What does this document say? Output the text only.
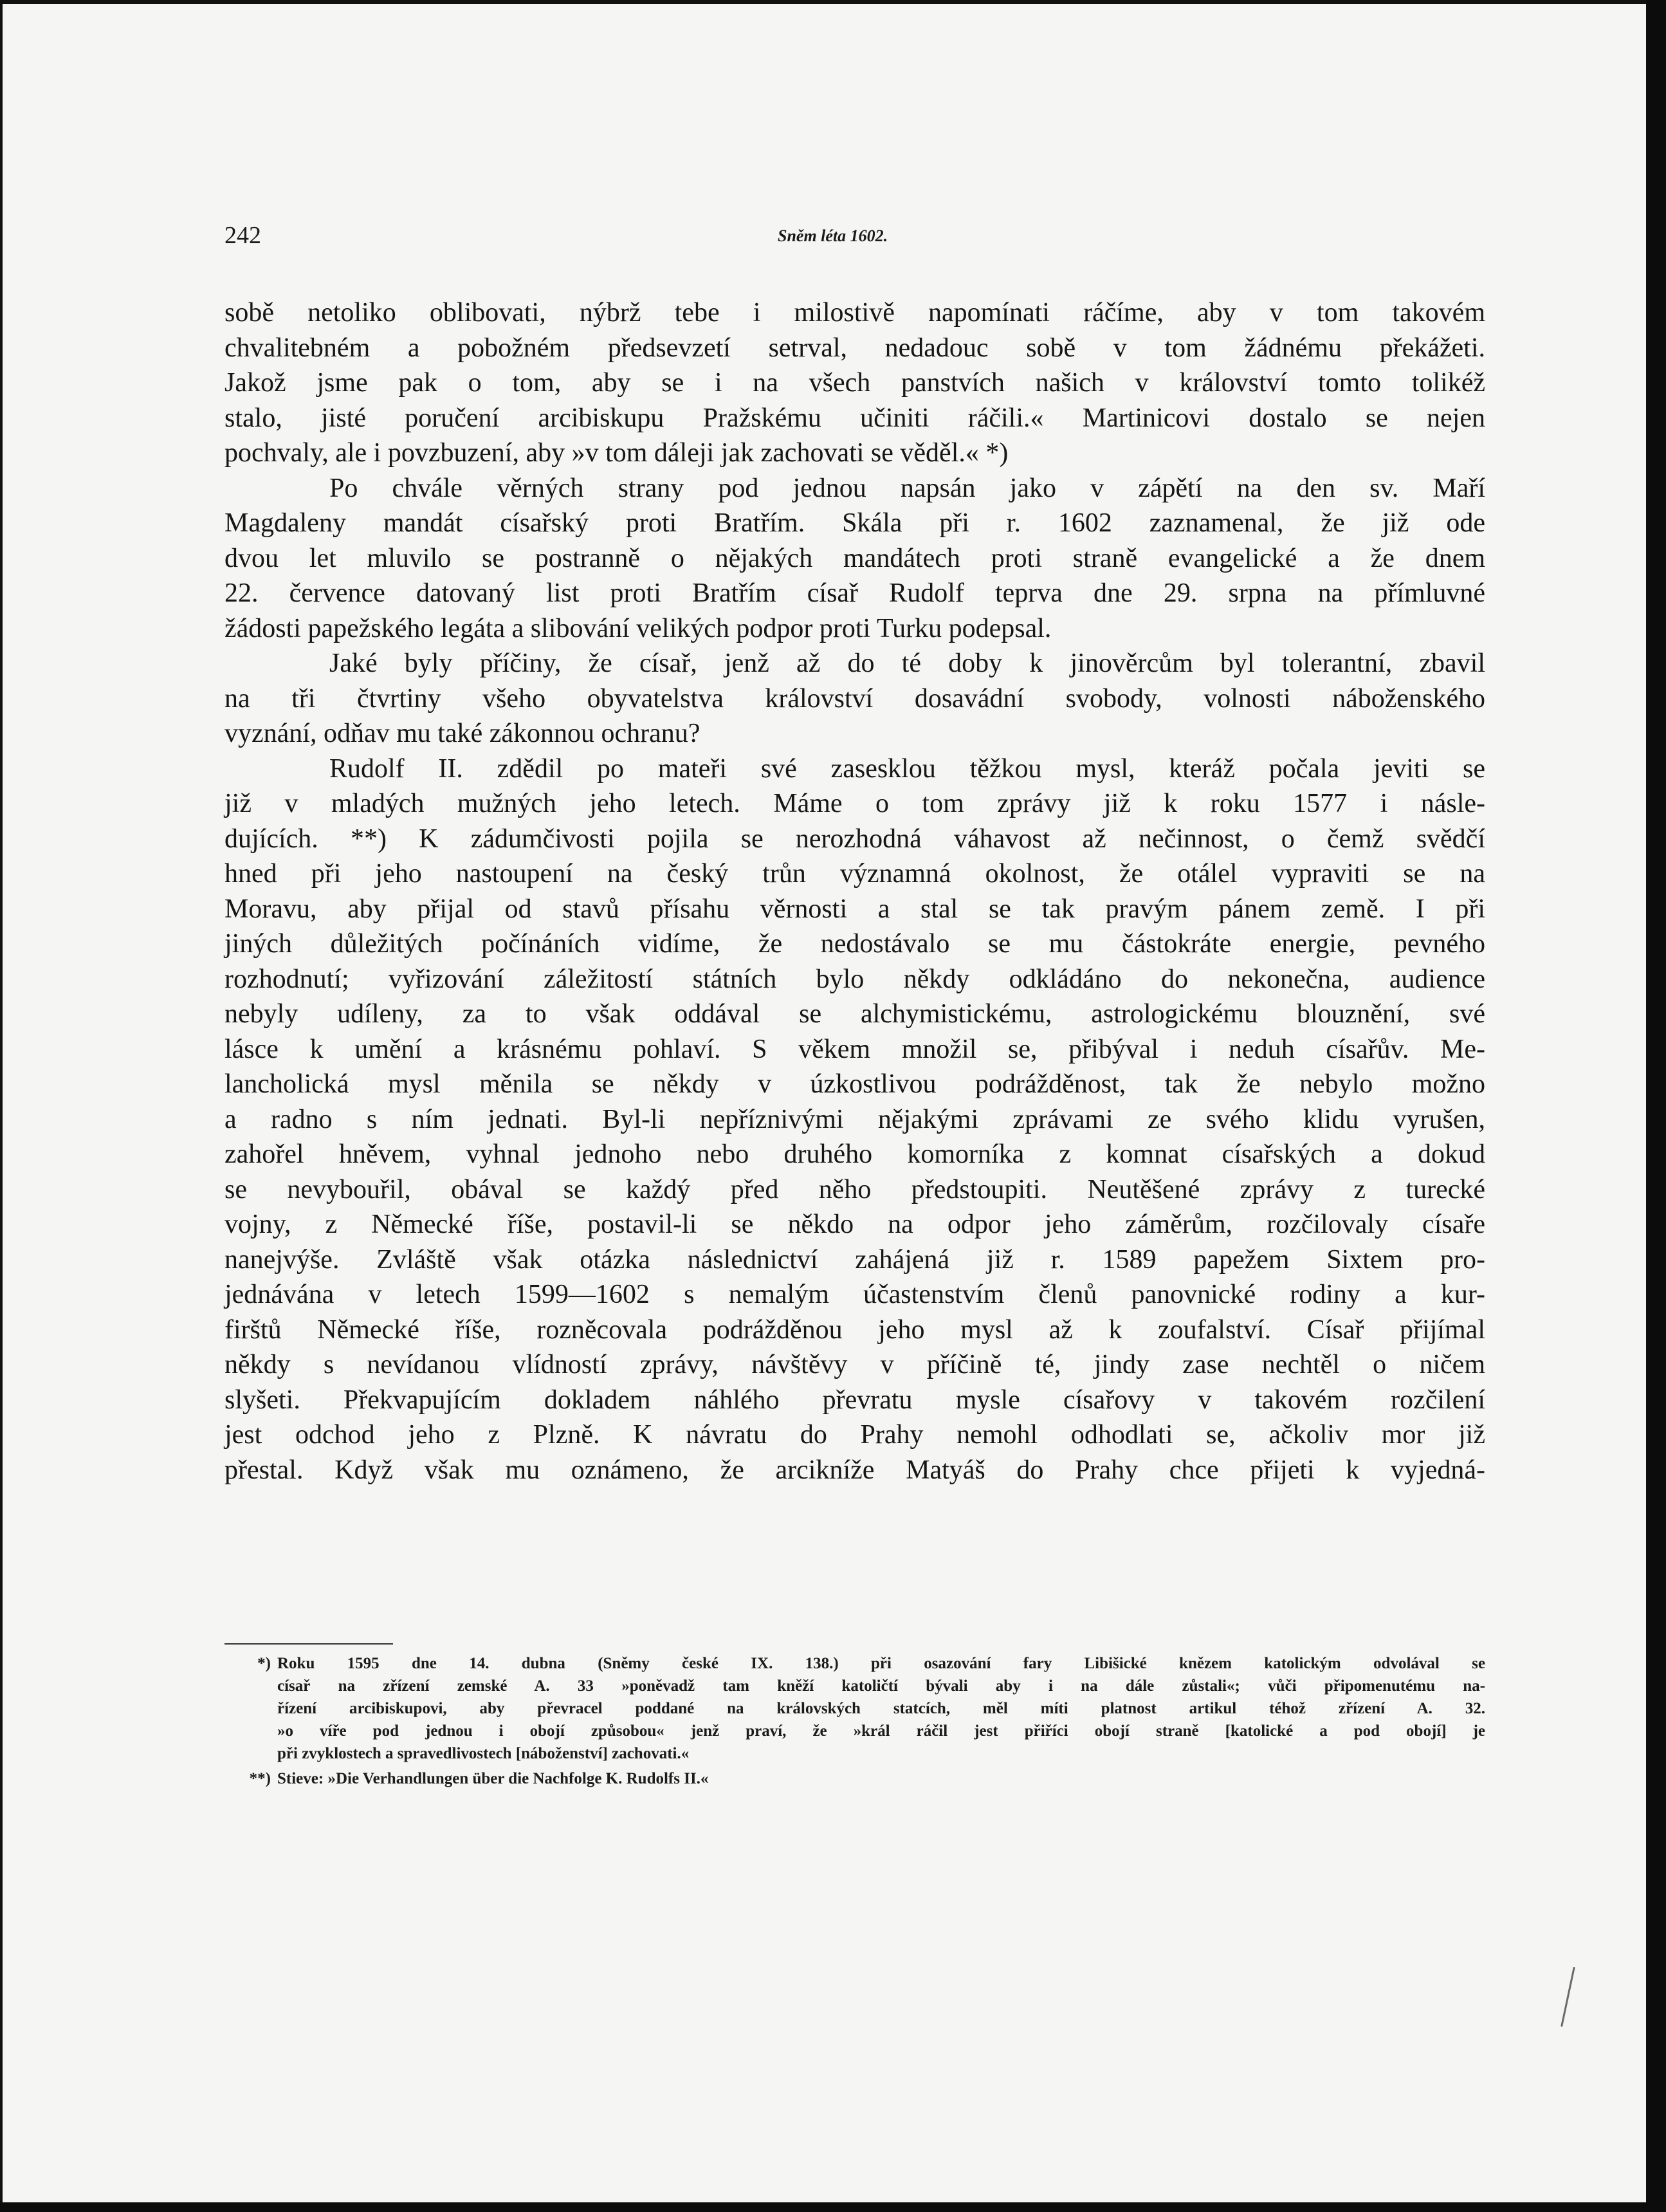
242	Sněm léta 1602.
sobě netoliko oblibovati, nýbrž tebe i milostivě napomínati ráčíme, aby v tom takovém
chvalitebném a pobožném předsevzetí setrval, nedadouc sobě v tom žádnému překážeti.
Jakož jsme pak o tom, aby se i na všech panstvích našich v království tomto tolikéž
stalo, jisté poručení arcibiskupu Pražskému učiniti ráčili.« Martinicovi dostalo se nejen
pochvaly, ale i povzbuzení, aby »v tom dáleji jak zachovati se věděl.« *)
Po chvále věrných strany pod jednou napsán jako v zápětí na den sv. Maří
Magdaleny mandát císařský proti Bratřím. Skála při r. 1602 zaznamenal, že již ode
dvou let mluvilo se postranně o nějakých mandátech proti straně evangelické a že dnem
22. července datovaný list proti Bratřím císař Rudolf teprva dne 29. srpna na přímluvné
žádosti papežského legáta a slibování velikých podpor proti Turku podepsal.
Jaké byly příčiny, že císař, jenž až do té doby k jinověrcům byl tolerantní, zbavil
na tři čtvrtiny všeho obyvatelstva království dosavádní svobody, volnosti náboženského
vyznání, odňav mu také zákonnou ochranu?
Rudolf II. zdědil po mateři své zasesklou těžkou mysl, kteráž počala jeviti se
již v mladých mužných jeho letech. Máme o tom zprávy již k roku 1577 i násle-
dujících. **) K zádumčivosti pojila se nerozhodná váhavost až nečinnost, o čemž svědčí
hned při jeho nastoupení na český trůn významná okolnost, že otálel vypraviti se na
Moravu, aby přijal od stavů přísahu věrnosti a stal se tak pravým pánem země. I při
jiných důležitých počínáních vidíme, že nedostávalo se mu částokráte energie, pevného
rozhodnutí; vyřizování záležitostí státních bylo někdy odkládáno do nekonečna, audience
nebyly udíleny, za to však oddával se alchymistickému, astrologickému blouznění, své
lásce k umění a krásnému pohlaví. S věkem množil se, přibýval i neduh císařův. Me-
lancholická mysl měnila se někdy v úzkostlivou podrážděnost, tak že nebylo možno
a radno s ním jednati. Byl-li nepříznivými nějakými zprávami ze svého klidu vyrušen,
zahořel hněvem, vyhnal jednoho nebo druhého komorníka z komnat císařských a dokud
se nevybouřil, obával se každý před něho předstoupiti. Neutěšené zprávy z turecké
vojny, z Německé říše, postavil-li se někdo na odpor jeho záměrům, rozčilovaly císaře
nanejvýše. Zvláště však otázka následnictví zahájená již r. 1589 papežem Sixtem pro-
jednávána v letech 1599—1602 s nemalým účastenstvím členů panovnické rodiny a kur-
firštů Německé říše, rozněcovala podrážděnou jeho mysl až k zoufalství. Císař přijímal
někdy s nevídanou vlídností zprávy, návštěvy v příčině té, jindy zase nechtěl o ničem
slyšeti. Překvapujícím dokladem náhlého převratu mysle císařovy v takovém rozčilení
jest odchod jeho z Plzně. K návratu do Prahy nemohl odhodlati se, ačkoliv mor již
přestal. Když však mu oznámeno, že arcikníže Matyáš do Prahy chce přijeti k vyjedná-
*) Roku 1595 dne 14. dubna (Sněmy české IX. 138.) při osazování fary Libišické knězem katolickým odvolával se
císař na zřízení zemské A. 33 »poněvadž tam kněží katoličtí bývali aby i na dále zůstali«; vůči připomenutému na-
řízení arcibiskupovi, aby převracel poddané na královských statcích, měl míti platnost artikul téhož zřízení A. 32.
»o víře pod jednou i obojí způsobou« jenž praví, že »král ráčil jest přiříci obojí straně [katolické a pod obojí] je
při zvyklostech a spravedlivostech [náboženství] zachovati.«
**) Stieve: »Die Verhandlungen über die Nachfolge K. Rudolfs II.«
